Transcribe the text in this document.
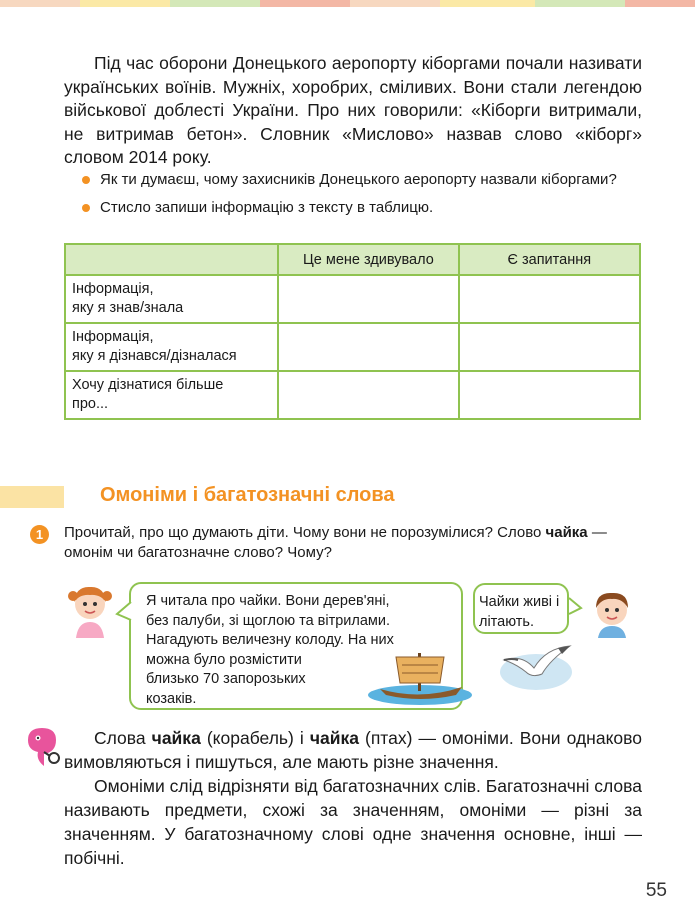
Під час оборони Донецького аеропорту кіборгами почали називати українських воїнів. Мужніх, хоробрих, сміливих. Вони стали легендою військової доблесті України. Про них говорили: «Кіборги витримали, не витримав бетон». Словник «Мислово» назвав слово «кіборг» словом 2014 року.

Як ти думаєш, чому захисників Донецького аеропорту назвали кіборгами?
Стисло запиши інформацію з тексту в таблицю.
	Це мене здивувало	Є запитання
Інформація,
яку я знав/знала		
Інформація,
яку я дізнався/дізналася		
Хочу дізнатися більше
про...		
Омоніми і багатозначні слова
1	Прочитай, про що думають діти. Чому вони не порозумілися? Слово чайка — омонім чи багатозначне слово? Чому?
Я читала про чайки. Вони дерев'яні,
без палуби, зі щоглою та вітрилами.
Нагадують величезну колоду. На них
можна було розмістити
близько 70 запорозьких
козаків.
Чайки живі і літають.

Слова чайка (корабель) і чайка (птах) — омоніми. Вони однаково вимовляються і пишуться, але мають різне значення.

Омоніми слід відрізняти від багатозначних слів. Багатозначні слова називають предмети, схожі за значенням, омоніми — різні за значенням. У багатозначному слові одне значення основне, інші — побічні.

55
